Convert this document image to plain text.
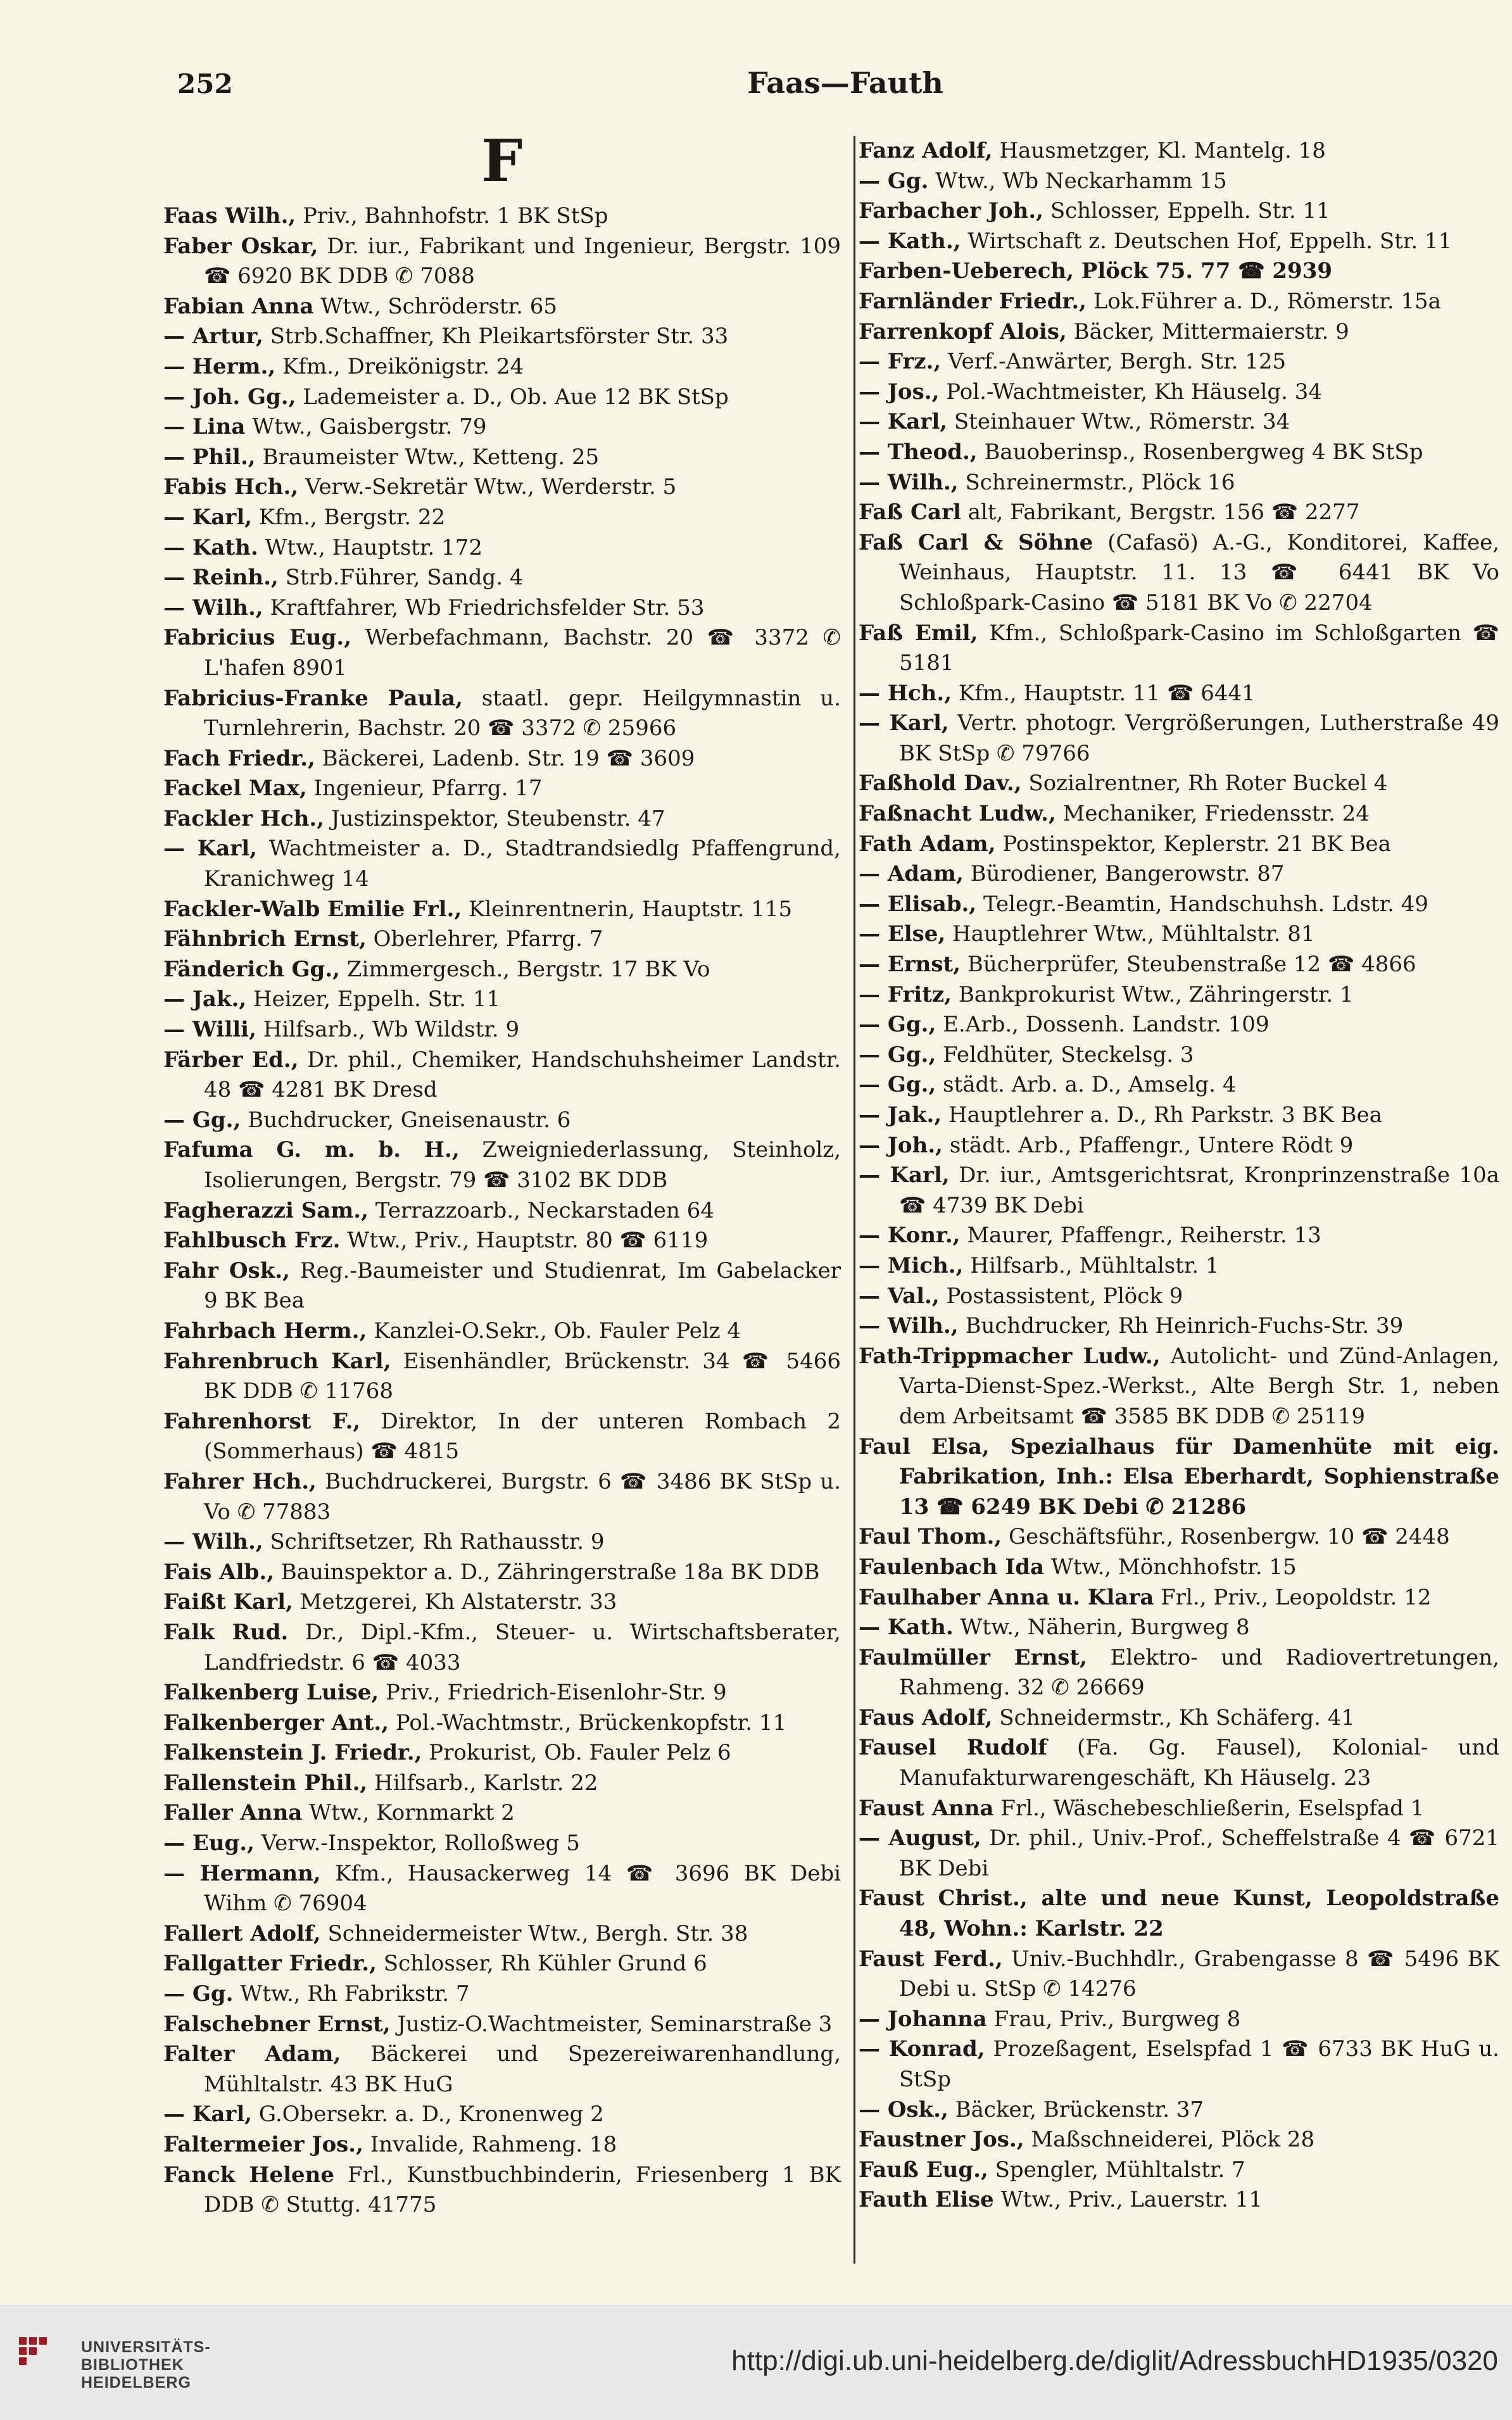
252	Faas—Fauth
F
Faas Wilh., Priv., Bahnhofstr. 1 BK StSp
Faber Oskar, Dr. iur., Fabrikant und Ingenieur, Bergstr. 109 ☎ 6920 BK DDB ✆ 7088
Fabian Anna Wtw., Schröderstr. 65
— Artur, Strb.Schaffner, Kh Pleikartsförster Str. 33
— Herm., Kfm., Dreikönigstr. 24
— Joh. Gg., Lademeister a. D., Ob. Aue 12 BK StSp
— Lina Wtw., Gaisbergstr. 79
— Phil., Braumeister Wtw., Ketteng. 25
Fabis Hch., Verw.-Sekretär Wtw., Werderstr. 5
— Karl, Kfm., Bergstr. 22
— Kath. Wtw., Hauptstr. 172
— Reinh., Strb.Führer, Sandg. 4
— Wilh., Kraftfahrer, Wb Friedrichsfelder Str. 53
Fabricius Eug., Werbefachmann, Bachstr. 20 ☎ 3372 ✆ L'hafen 8901
Fabricius-Franke Paula, staatl. gepr. Heilgymnastin u. Turnlehrerin, Bachstr. 20 ☎ 3372 ✆ 25966
Fach Friedr., Bäckerei, Ladenb. Str. 19 ☎ 3609
Fackel Max, Ingenieur, Pfarrg. 17
Fackler Hch., Justizinspektor, Steubenstr. 47
— Karl, Wachtmeister a. D., Stadtrandsiedlg Pfaffengrund, Kranichweg 14
Fackler-Walb Emilie Frl., Kleinrentnerin, Hauptstr. 115
Fähnbrich Ernst, Oberlehrer, Pfarrg. 7
Fänderich Gg., Zimmergesch., Bergstr. 17 BK Vo
— Jak., Heizer, Eppelh. Str. 11
— Willi, Hilfsarb., Wb Wildstr. 9
Färber Ed., Dr. phil., Chemiker, Handschuhsheimer Landstr. 48 ☎ 4281 BK Dresd
— Gg., Buchdrucker, Gneisenaustr. 6
Fafuma G. m. b. H., Zweigniederlassung, Steinholz, Isolierungen, Bergstr. 79 ☎ 3102 BK DDB
Fagherazzi Sam., Terrazzoarb., Neckarstaden 64
Fahlbusch Frz. Wtw., Priv., Hauptstr. 80 ☎ 6119
Fahr Osk., Reg.-Baumeister und Studienrat, Im Gabelacker 9 BK Bea
Fahrbach Herm., Kanzlei-O.Sekr., Ob. Fauler Pelz 4
Fahrenbruch Karl, Eisenhändler, Brückenstr. 34 ☎ 5466 BK DDB ✆ 11768
Fahrenhorst F., Direktor, In der unteren Rombach 2 (Sommerhaus) ☎ 4815
Fahrer Hch., Buchdruckerei, Burgstr. 6 ☎ 3486 BK StSp u. Vo ✆ 77883
— Wilh., Schriftsetzer, Rh Rathausstr. 9
Fais Alb., Bauinspektor a. D., Zähringerstraße 18a BK DDB
Faißt Karl, Metzgerei, Kh Alstaterstr. 33
Falk Rud. Dr., Dipl.-Kfm., Steuer- u. Wirtschaftsberater, Landfriedstr. 6 ☎ 4033
Falkenberg Luise, Priv., Friedrich-Eisenlohr-Str. 9
Falkenberger Ant., Pol.-Wachtmstr., Brückenkopfstr. 11
Falkenstein J. Friedr., Prokurist, Ob. Fauler Pelz 6
Fallenstein Phil., Hilfsarb., Karlstr. 22
Faller Anna Wtw., Kornmarkt 2
— Eug., Verw.-Inspektor, Rolloßweg 5
— Hermann, Kfm., Hausackerweg 14 ☎ 3696 BK Debi Wihm ✆ 76904
Fallert Adolf, Schneidermeister Wtw., Bergh. Str. 38
Fallgatter Friedr., Schlosser, Rh Kühler Grund 6
— Gg. Wtw., Rh Fabrikstr. 7
Falschebner Ernst, Justiz-O.Wachtmeister, Seminarstraße 3
Falter Adam, Bäckerei und Spezereiwarenhandlung, Mühltalstr. 43 BK HuG
— Karl, G.Obersekr. a. D., Kronenweg 2
Faltermeier Jos., Invalide, Rahmeng. 18
Fanck Helene Frl., Kunstbuchbinderin, Friesenberg 1 BK DDB ✆ Stuttg. 41775
Fanz Adolf, Hausmetzger, Kl. Mantelg. 18
— Gg. Wtw., Wb Neckarhamm 15
Farbacher Joh., Schlosser, Eppelh. Str. 11
— Kath., Wirtschaft z. Deutschen Hof, Eppelh. Str. 11
Farben-Ueberech, Plöck 75. 77 ☎ 2939
Farnländer Friedr., Lok.Führer a. D., Römerstr. 15a
Farrenkopf Alois, Bäcker, Mittermaierstr. 9
— Frz., Verf.-Anwärter, Bergh. Str. 125
— Jos., Pol.-Wachtmeister, Kh Häuselg. 34
— Karl, Steinhauer Wtw., Römerstr. 34
— Theod., Bauoberinsp., Rosenbergweg 4 BK StSp
— Wilh., Schreinermstr., Plöck 16
Faß Carl alt, Fabrikant, Bergstr. 156 ☎ 2277
Faß Carl & Söhne (Cafasö) A.-G., Konditorei, Kaffee, Weinhaus, Hauptstr. 11. 13 ☎ 6441 BK Vo Schloßpark-Casino ☎ 5181 BK Vo ✆ 22704
Faß Emil, Kfm., Schloßpark-Casino im Schloßgarten ☎ 5181
— Hch., Kfm., Hauptstr. 11 ☎ 6441
— Karl, Vertr. photogr. Vergrößerungen, Lutherstraße 49 BK StSp ✆ 79766
Faßhold Dav., Sozialrentner, Rh Roter Buckel 4
Faßnacht Ludw., Mechaniker, Friedensstr. 24
Fath Adam, Postinspektor, Keplerstr. 21 BK Bea
— Adam, Bürodiener, Bangerowstr. 87
— Elisab., Telegr.-Beamtin, Handschuhsh. Ldstr. 49
— Else, Hauptlehrer Wtw., Mühltalstr. 81
— Ernst, Bücherprüfer, Steubenstraße 12 ☎ 4866
— Fritz, Bankprokurist Wtw., Zähringerstr. 1
— Gg., E.Arb., Dossenh. Landstr. 109
— Gg., Feldhüter, Steckelsg. 3
— Gg., städt. Arb. a. D., Amselg. 4
— Jak., Hauptlehrer a. D., Rh Parkstr. 3 BK Bea
— Joh., städt. Arb., Pfaffengr., Untere Rödt 9
— Karl, Dr. iur., Amtsgerichtsrat, Kronprinzenstraße 10a ☎ 4739 BK Debi
— Konr., Maurer, Pfaffengr., Reiherstr. 13
— Mich., Hilfsarb., Mühltalstr. 1
— Val., Postassistent, Plöck 9
— Wilh., Buchdrucker, Rh Heinrich-Fuchs-Str. 39
Fath-Trippmacher Ludw., Autolicht- und Zünd-Anlagen, Varta-Dienst-Spez.-Werkst., Alte Bergh Str. 1, neben dem Arbeitsamt ☎ 3585 BK DDB ✆ 25119
Faul Elsa, Spezialhaus für Damenhüte mit eig. Fabrikation, Inh.: Elsa Eberhardt, Sophienstraße 13 ☎ 6249 BK Debi ✆ 21286
Faul Thom., Geschäftsführ., Rosenbergw. 10 ☎ 2448
Faulenbach Ida Wtw., Mönchhofstr. 15
Faulhaber Anna u. Klara Frl., Priv., Leopoldstr. 12
— Kath. Wtw., Näherin, Burgweg 8
Faulmüller Ernst, Elektro- und Radiovertretungen, Rahmeng. 32 ✆ 26669
Faus Adolf, Schneidermstr., Kh Schäferg. 41
Fausel Rudolf (Fa. Gg. Fausel), Kolonial- und Manufakturwarengeschäft, Kh Häuselg. 23
Faust Anna Frl., Wäschebeschließerin, Eselspfad 1
— August, Dr. phil., Univ.-Prof., Scheffelstraße 4 ☎ 6721 BK Debi
Faust Christ., alte und neue Kunst, Leopoldstraße 48, Wohn.: Karlstr. 22
Faust Ferd., Univ.-Buchhdlr., Grabengasse 8 ☎ 5496 BK Debi u. StSp ✆ 14276
— Johanna Frau, Priv., Burgweg 8
— Konrad, Prozeßagent, Eselspfad 1 ☎ 6733 BK HuG u. StSp
— Osk., Bäcker, Brückenstr. 37
Faustner Jos., Maßschneiderei, Plöck 28
Fauß Eug., Spengler, Mühltalstr. 7
Fauth Elise Wtw., Priv., Lauerstr. 11
UNIVERSITÄTS-
BIBLIOTHEK
HEIDELBERG
http://digi.ub.uni-heidelberg.de/diglit/AdressbuchHD1935/0320
